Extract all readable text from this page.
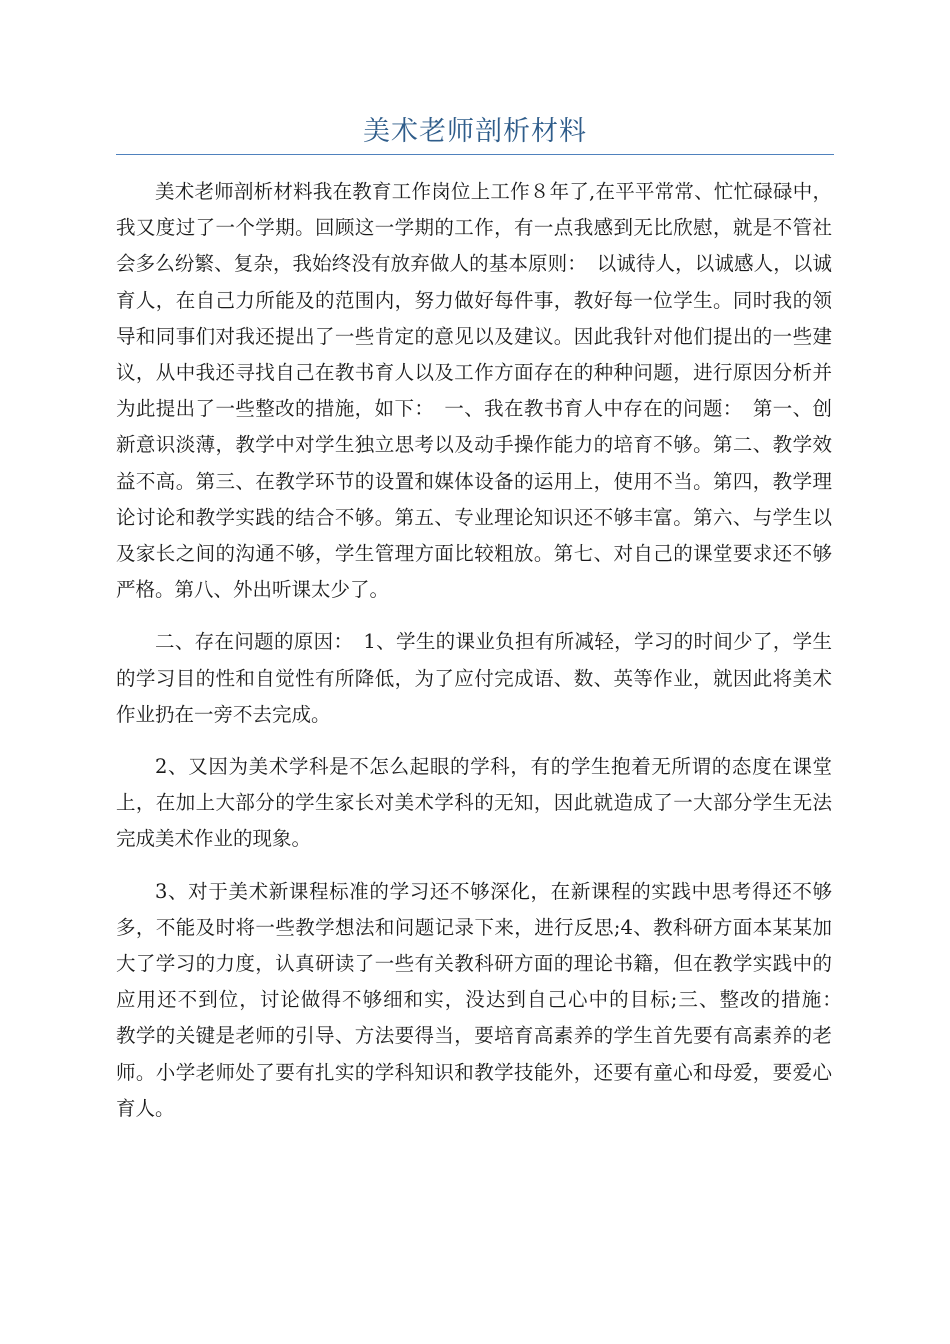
美术老师剖析材料

美术老师剖析材料我在教育工作岗位上工作８年了,在平平常常、忙忙碌碌中，我又度过了一个学期。回顾这一学期的工作，有一点我感到无比欣慰，就是不管社会多么纷繁、复杂，我始终没有放弃做人的基本原则：　以诚待人，以诚感人，以诚育人，在自己力所能及的范围内，努力做好每件事，教好每一位学生。同时我的领导和同事们对我还提出了一些肯定的意见以及建议。因此我针对他们提出的一些建议，从中我还寻找自己在教书育人以及工作方面存在的种种问题，进行原因分析并为此提出了一些整改的措施，如下：　一、我在教书育人中存在的问题：　第一、创新意识淡薄，教学中对学生独立思考以及动手操作能力的培育不够。第二、教学效益不高。第三、在教学环节的设置和媒体设备的运用上，使用不当。第四，教学理论讨论和教学实践的结合不够。第五、专业理论知识还不够丰富。第六、与学生以及家长之间的沟通不够，学生管理方面比较粗放。第七、对自己的课堂要求还不够严格。第八、外出听课太少了。

二、存在问题的原因：　1、学生的课业负担有所减轻，学习的时间少了，学生的学习目的性和自觉性有所降低，为了应付完成语、数、英等作业，就因此将美术作业扔在一旁不去完成。

2、又因为美术学科是不怎么起眼的学科，有的学生抱着无所谓的态度在课堂上，在加上大部分的学生家长对美术学科的无知，因此就造成了一大部分学生无法完成美术作业的现象。

3、对于美术新课程标准的学习还不够深化，在新课程的实践中思考得还不够多，不能及时将一些教学想法和问题记录下来，进行反思;4、教科研方面本某某加大了学习的力度，认真研读了一些有关教科研方面的理论书籍，但在教学实践中的应用还不到位，讨论做得不够细和实，没达到自己心中的目标;三、整改的措施：　教学的关键是老师的引导、方法要得当，要培育高素养的学生首先要有高素养的老师。小学老师处了要有扎实的学科知识和教学技能外，还要有童心和母爱，要爱心育人。
